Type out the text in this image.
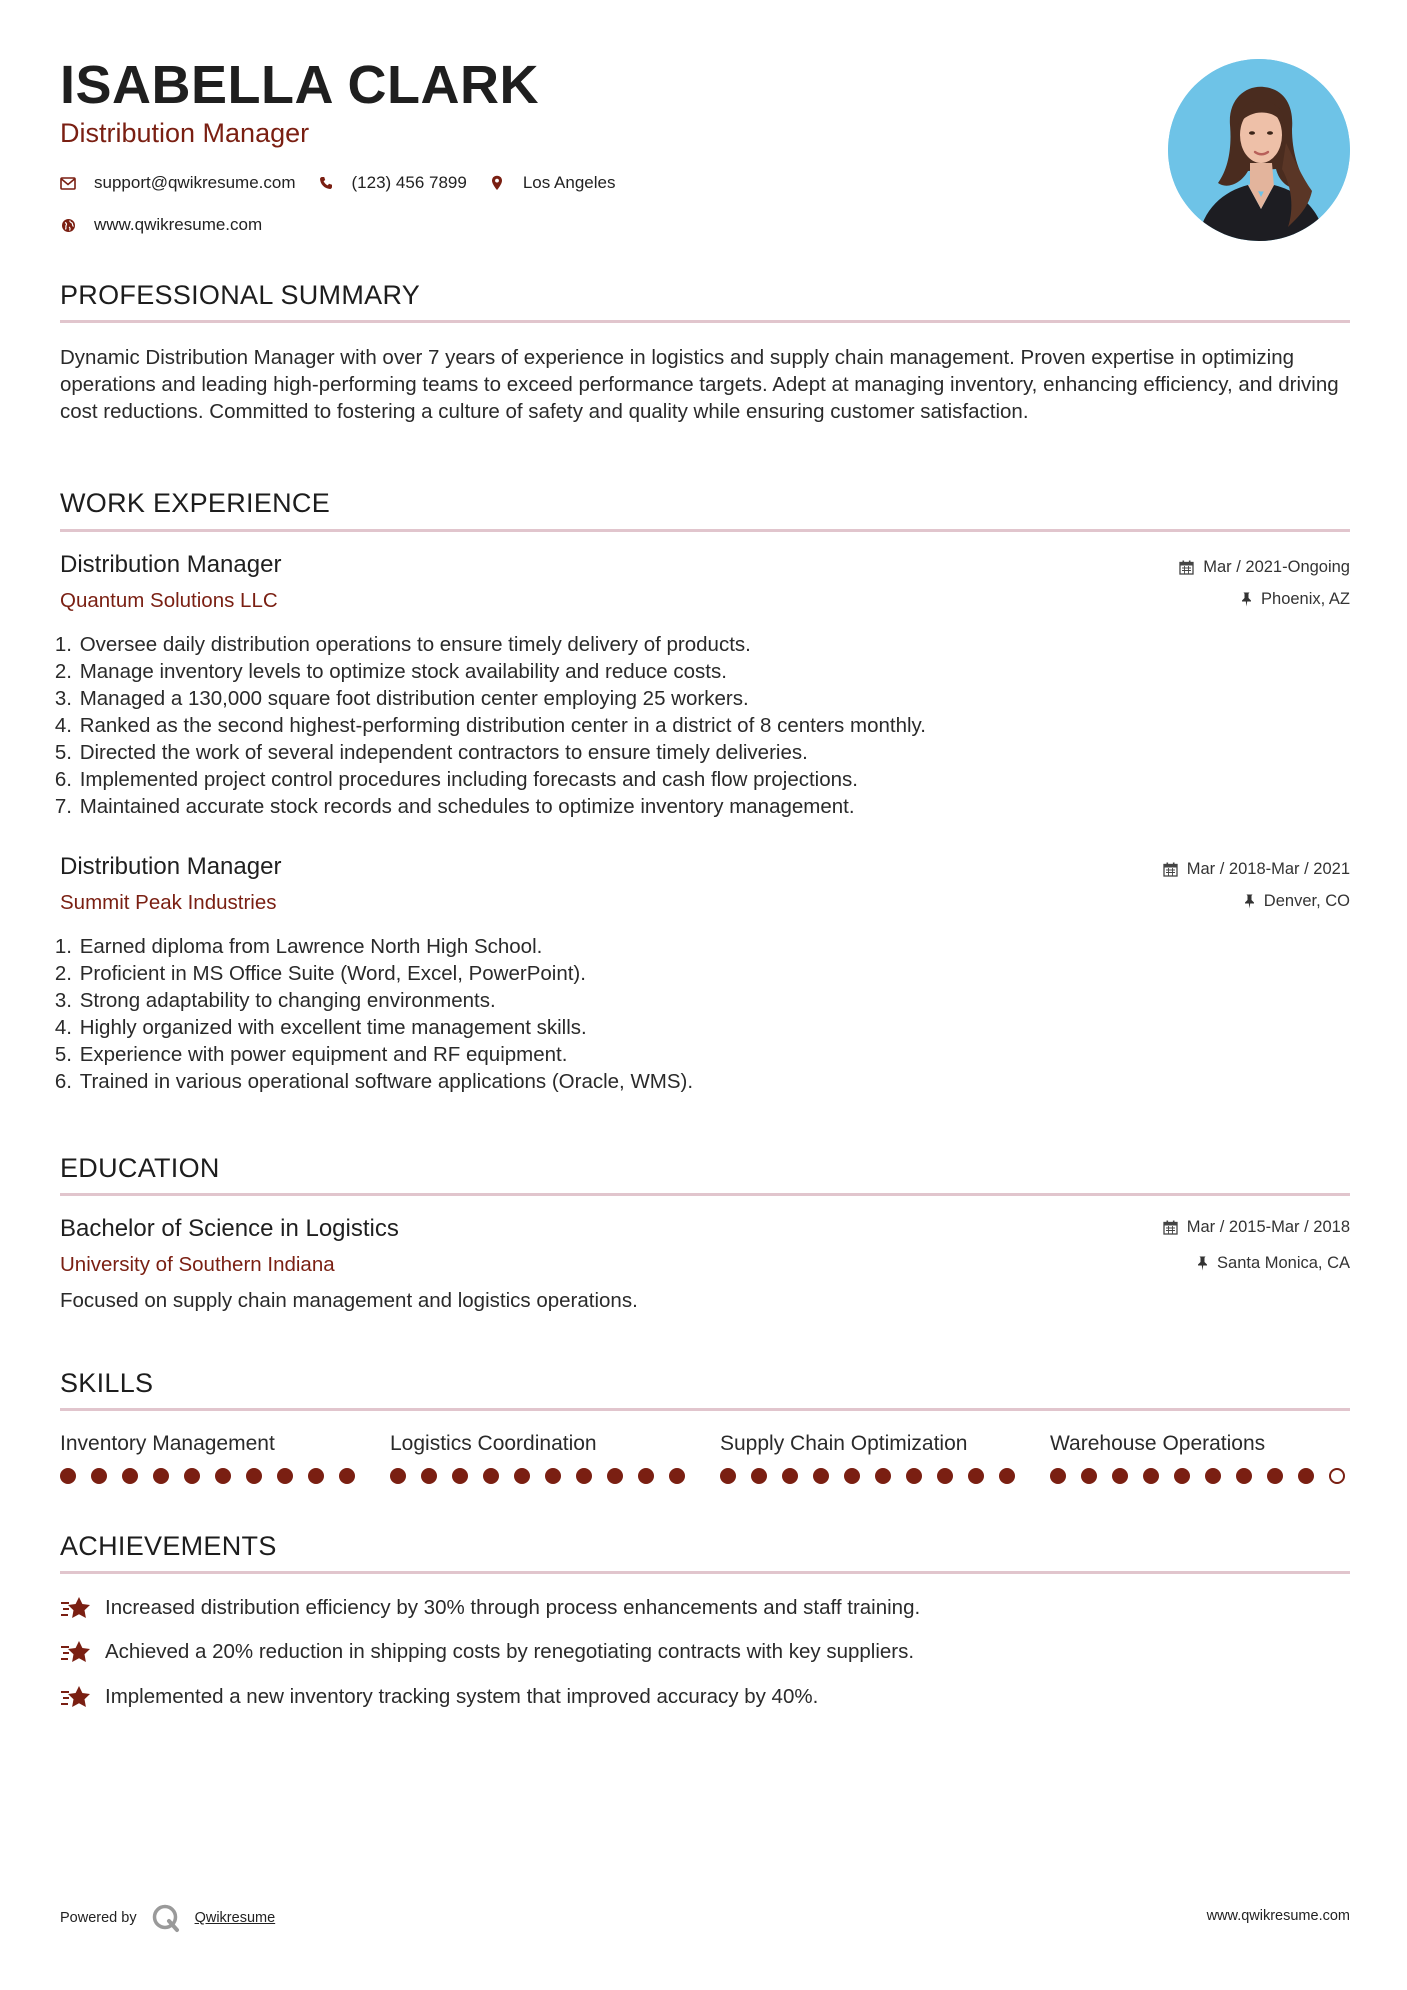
ISABELLA CLARK
Distribution Manager
support@qwikresume.com	(123) 456 7899	Los Angeles
www.qwikresume.com
PROFESSIONAL SUMMARY

Dynamic Distribution Manager with over 7 years of experience in logistics and supply chain management. Proven expertise in optimizing operations and leading high-performing teams to exceed performance targets. Adept at managing inventory, enhancing efficiency, and driving cost reductions. Committed to fostering a culture of safety and quality while ensuring customer satisfaction.

WORK EXPERIENCE
Distribution Manager
Quantum Solutions LLC
Mar / 2021-Ongoing
Phoenix, AZ
1.
Oversee daily distribution operations to ensure timely delivery of products.
2.
Manage inventory levels to optimize stock availability and reduce costs.
3.
Managed a 130,000 square foot distribution center employing 25 workers.
4.
Ranked as the second highest-performing distribution center in a district of 8 centers monthly.
5.
Directed the work of several independent contractors to ensure timely deliveries.
6.
Implemented project control procedures including forecasts and cash flow projections.
7.
Maintained accurate stock records and schedules to optimize inventory management.
Distribution Manager
Summit Peak Industries
Mar / 2018-Mar / 2021
Denver, CO
1.
Earned diploma from Lawrence North High School.
2.
Proficient in MS Office Suite (Word, Excel, PowerPoint).
3.
Strong adaptability to changing environments.
4.
Highly organized with excellent time management skills.
5.
Experience with power equipment and RF equipment.
6.
Trained in various operational software applications (Oracle, WMS).
EDUCATION
Bachelor of Science in Logistics
University of Southern Indiana
Mar / 2015-Mar / 2018
Santa Monica, CA
Focused on supply chain management and logistics operations.
SKILLS
Inventory Management	Logistics Coordination	Supply Chain Optimization	Warehouse Operations
ACHIEVEMENTS
Increased distribution efficiency by 30% through process enhancements and staff training.
Achieved a 20% reduction in shipping costs by renegotiating contracts with key suppliers.
Implemented a new inventory tracking system that improved accuracy by 40%.
Powered by	Qwikresume	www.qwikresume.com
